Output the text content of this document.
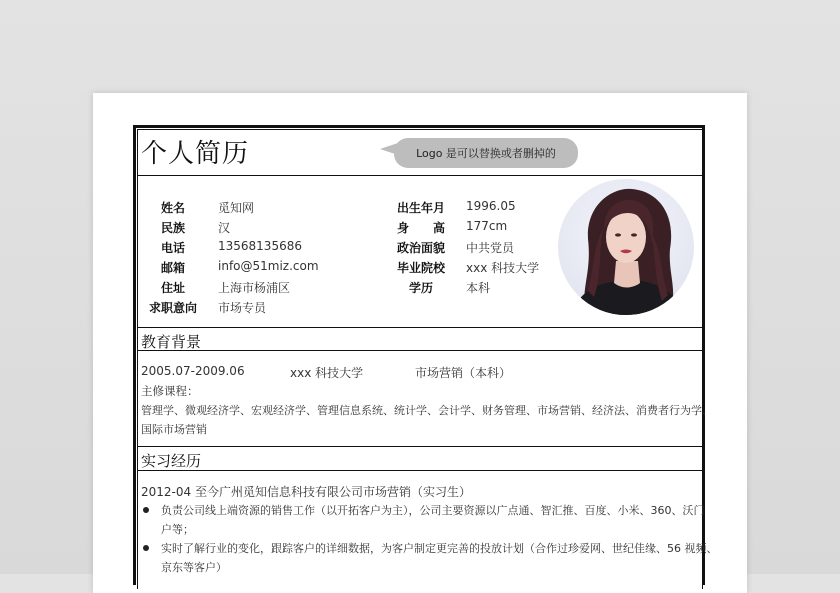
个人简历	Logo 是可以替换或者删掉的
姓名	觅知网
民族	汉
电话	13568135686
邮箱	info@51miz.com
住址	上海市杨浦区
求职意向 市场专员
出生年月 1996.05
身高 177cm
政治面貌 中共党员
毕业院校 xxx 科技大学
学历	本科
教育背景
2005.07-2009.06	xxx 科技大学	市场营销（本科）
主修课程：
管理学、微观经济学、宏观经济学、管理信息系统、统计学、会计学、财务管理、市场营销、经济法、消费者行为学、
国际市场营销
实习经历
2012-04 至今广州觅知信息科技有限公司市场营销（实习生）
负责公司线上端资源的销售工作（以开拓客户为主），公司主要资源以广点通、智汇推、百度、小米、360、沃门
户等；
实时了解行业的变化，跟踪客户的详细数据，为客户制定更完善的投放计划（合作过珍爱网、世纪佳缘、56 视频、
京东等客户）
